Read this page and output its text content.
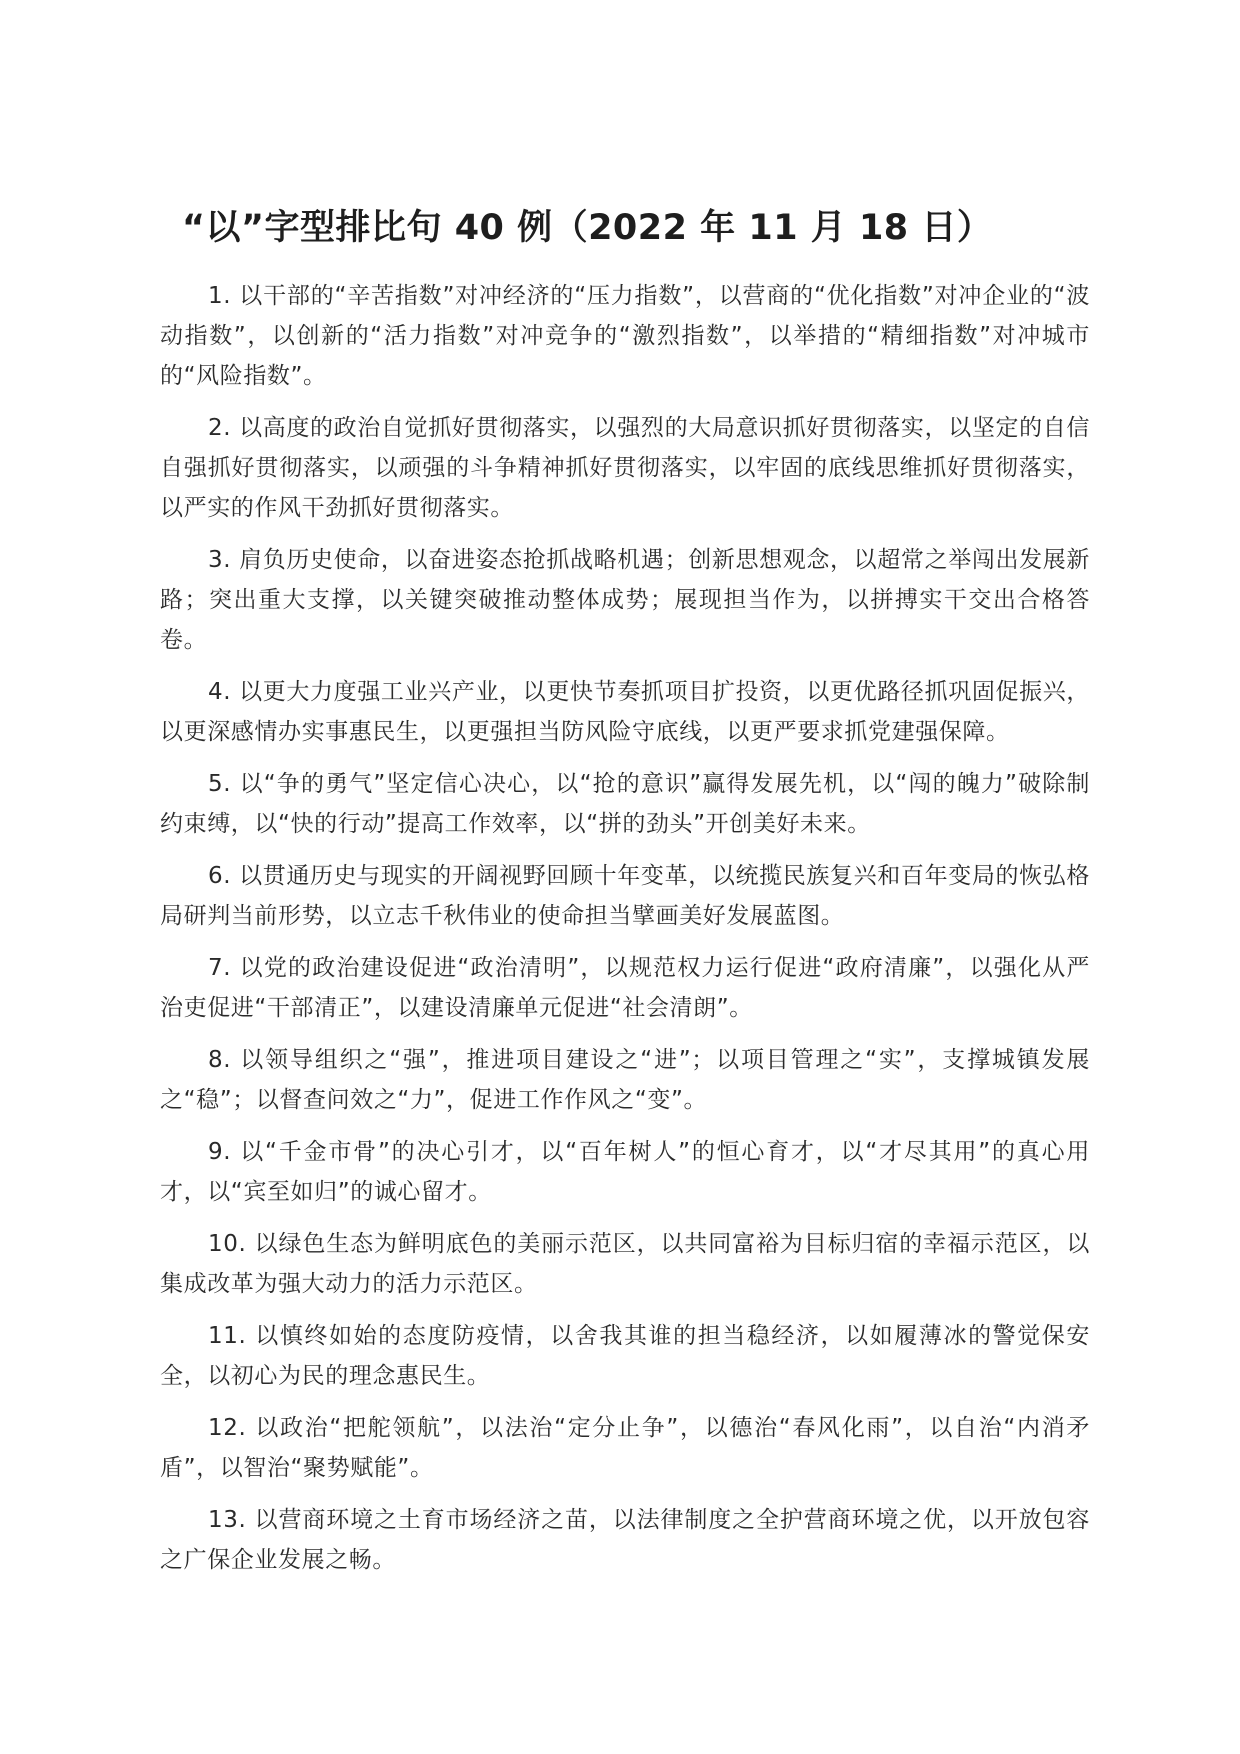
“以”字型排比句 40 例（2022 年 11 月 18 日）

1. 以干部的“辛苦指数”对冲经济的“压力指数”，以营商的“优化指数”对冲企业的“波动指数”，以创新的“活力指数”对冲竞争的“激烈指数”，以举措的“精细指数”对冲城市的“风险指数”。

2. 以高度的政治自觉抓好贯彻落实，以强烈的大局意识抓好贯彻落实，以坚定的自信自强抓好贯彻落实，以顽强的斗争精神抓好贯彻落实，以牢固的底线思维抓好贯彻落实，以严实的作风干劲抓好贯彻落实。

3. 肩负历史使命，以奋进姿态抢抓战略机遇；创新思想观念，以超常之举闯出发展新路；突出重大支撑，以关键突破推动整体成势；展现担当作为，以拼搏实干交出合格答卷。

4. 以更大力度强工业兴产业，以更快节奏抓项目扩投资，以更优路径抓巩固促振兴，以更深感情办实事惠民生，以更强担当防风险守底线，以更严要求抓党建强保障。

5. 以“争的勇气”坚定信心决心，以“抢的意识”赢得发展先机，以“闯的魄力”破除制约束缚，以“快的行动”提高工作效率，以“拼的劲头”开创美好未来。

6. 以贯通历史与现实的开阔视野回顾十年变革，以统揽民族复兴和百年变局的恢弘格局研判当前形势，以立志千秋伟业的使命担当擘画美好发展蓝图。

7. 以党的政治建设促进“政治清明”，以规范权力运行促进“政府清廉”，以强化从严治吏促进“干部清正”，以建设清廉单元促进“社会清朗”。

8. 以领导组织之“强”，推进项目建设之“进”；以项目管理之“实”，支撑城镇发展之“稳”；以督查问效之“力”，促进工作作风之“变”。

9. 以“千金市骨”的决心引才，以“百年树人”的恒心育才，以“才尽其用”的真心用才，以“宾至如归”的诚心留才。

10. 以绿色生态为鲜明底色的美丽示范区，以共同富裕为目标归宿的幸福示范区，以集成改革为强大动力的活力示范区。

11. 以慎终如始的态度防疫情，以舍我其谁的担当稳经济，以如履薄冰的警觉保安全，以初心为民的理念惠民生。

12. 以政治“把舵领航”，以法治“定分止争”，以德治“春风化雨”，以自治“内消矛盾”，以智治“聚势赋能”。

13. 以营商环境之土育市场经济之苗，以法律制度之全护营商环境之优，以开放包容之广保企业发展之畅。
